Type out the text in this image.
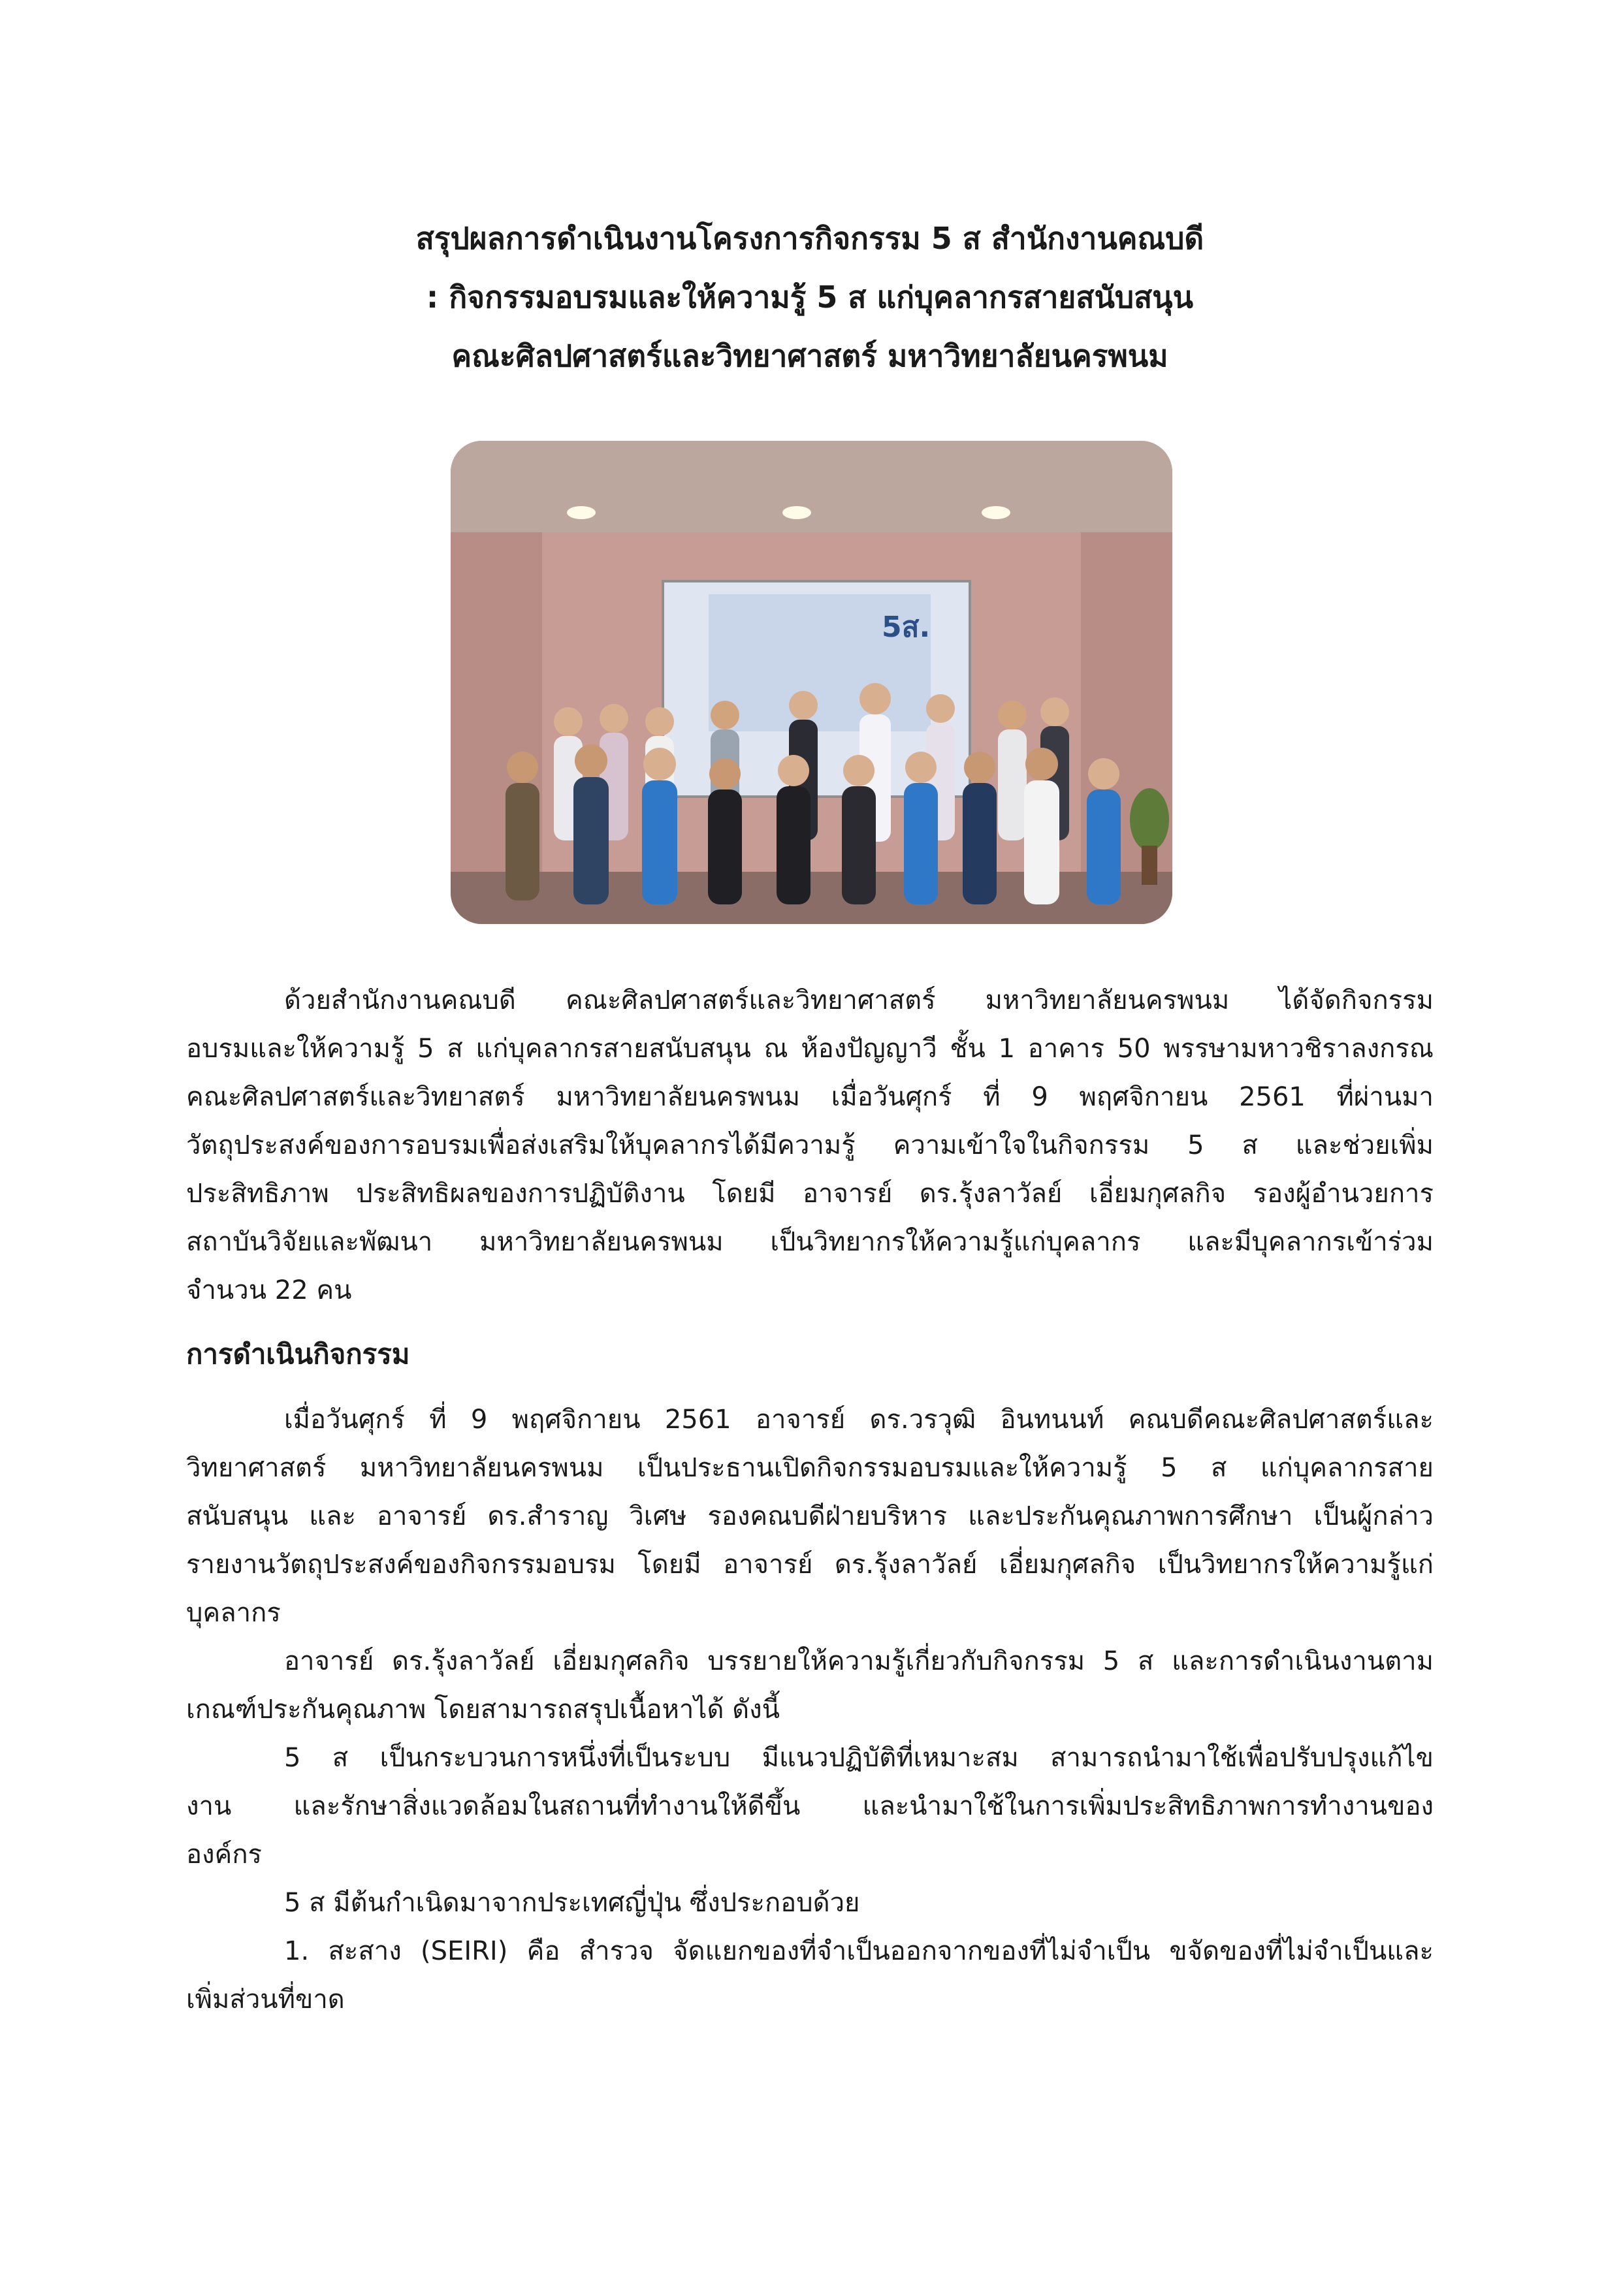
สรุปผลการดำเนินงานโครงการกิจกรรม 5 ส สำนักงานคณบดี
: กิจกรรมอบรมและให้ความรู้ 5 ส แก่บุคลากรสายสนับสนุน
คณะศิลปศาสตร์และวิทยาศาสตร์ มหาวิทยาลัยนครพนม
5ส.
ด้วยสำนักงานคณบดี คณะศิลปศาสตร์และวิทยาศาสตร์ มหาวิทยาลัยนครพนม ได้จัดกิจกรรม
อบรมและให้ความรู้ 5 ส แก่บุคลากรสายสนับสนุน ณ ห้องปัญญาวี ชั้น 1 อาคาร 50 พรรษามหาวชิราลงกรณ
คณะศิลปศาสตร์และวิทยาสตร์ มหาวิทยาลัยนครพนม เมื่อวันศุกร์ ที่ 9 พฤศจิกายน 2561 ที่ผ่านมา
วัตถุประสงค์ของการอบรมเพื่อส่งเสริมให้บุคลากรได้มีความรู้ ความเข้าใจในกิจกรรม 5 ส และช่วยเพิ่ม
ประสิทธิภาพ ประสิทธิผลของการปฏิบัติงาน โดยมี อาจารย์ ดร.รุ้งลาวัลย์ เอี่ยมกุศลกิจ รองผู้อำนวยการ
สถาบันวิจัยและพัฒนา มหาวิทยาลัยนครพนม เป็นวิทยากรให้ความรู้แก่บุคลากร และมีบุคลากรเข้าร่วม
จำนวน 22 คน
การดำเนินกิจกรรม
เมื่อวันศุกร์ ที่ 9 พฤศจิกายน 2561 อาจารย์ ดร.วรวุฒิ อินทนนท์ คณบดีคณะศิลปศาสตร์และ
วิทยาศาสตร์ มหาวิทยาลัยนครพนม เป็นประธานเปิดกิจกรรมอบรมและให้ความรู้ 5 ส แก่บุคลากรสาย
สนับสนุน และ อาจารย์ ดร.สำราญ วิเศษ รองคณบดีฝ่ายบริหาร และประกันคุณภาพการศึกษา เป็นผู้กล่าว
รายงานวัตถุประสงค์ของกิจกรรมอบรม โดยมี อาจารย์ ดร.รุ้งลาวัลย์ เอี่ยมกุศลกิจ เป็นวิทยากรให้ความรู้แก่
บุคลากร
อาจารย์ ดร.รุ้งลาวัลย์ เอี่ยมกุศลกิจ บรรยายให้ความรู้เกี่ยวกับกิจกรรม 5 ส และการดำเนินงานตาม
เกณฑ์ประกันคุณภาพ โดยสามารถสรุปเนื้อหาได้ ดังนี้
5 ส เป็นกระบวนการหนึ่งที่เป็นระบบ มีแนวปฏิบัติที่เหมาะสม สามารถนำมาใช้เพื่อปรับปรุงแก้ไข
งาน และรักษาสิ่งแวดล้อมในสถานที่ทำงานให้ดีขึ้น และนำมาใช้ในการเพิ่มประสิทธิภาพการทำงานของ
องค์กร
5 ส มีต้นกำเนิดมาจากประเทศญี่ปุ่น ซึ่งประกอบด้วย
1. สะสาง (SEIRI) คือ สำรวจ จัดแยกของที่จำเป็นออกจากของที่ไม่จำเป็น ขจัดของที่ไม่จำเป็นและ
เพิ่มส่วนที่ขาด
